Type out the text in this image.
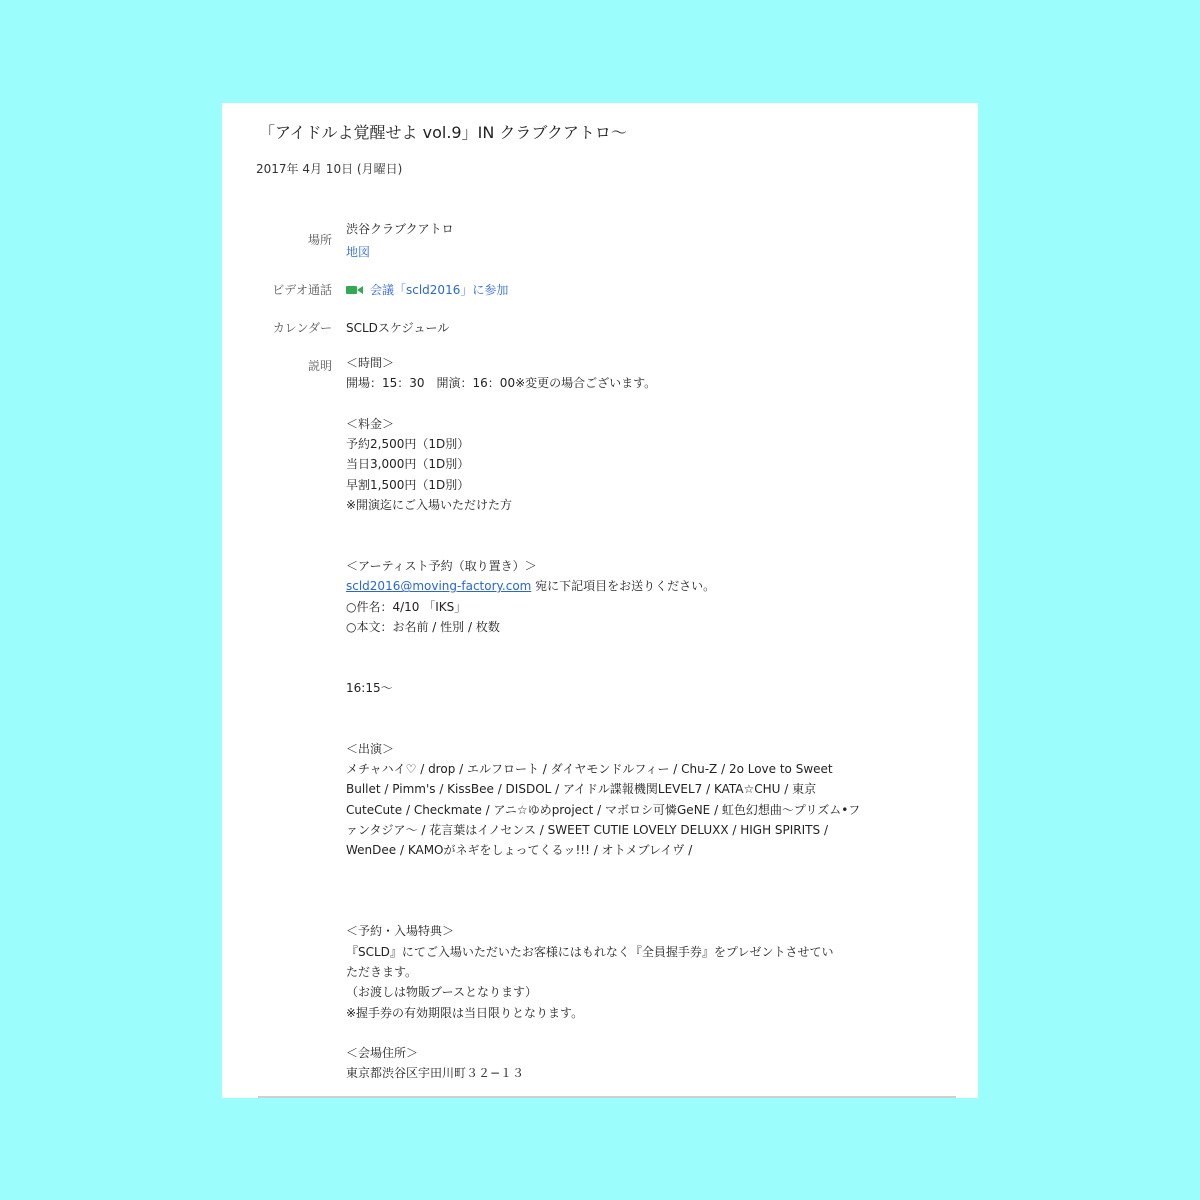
「アイドルよ覚醒せよ vol.9」IN クラブクアトロ〜
2017年 4月 10日 (月曜日)
場所
渋谷クラブクアトロ
地図
ビデオ通話	会議「scld2016」に参加
カレンダー SCLDスケジュール
説明 ＜時間＞
開場：15：30　開演：16：00※変更の場合ございます。
＜料金＞
予約2,500円（1D別）
当日3,000円（1D別）
早割1,500円（1D別）
※開演迄にご入場いただけた方
＜アーティスト予約（取り置き）＞
scld2016@moving-factory.com 宛に下記項目をお送りください。
○件名：4/10 「IKS」
○本文：お名前 / 性別 / 枚数
16:15〜
＜出演＞
メチャハイ♡ / drop / エルフロート / ダイヤモンドルフィー / Chu-Z / 2o Love to Sweet
Bullet / Pimm's / KissBee / DISDOL / アイドル諜報機関LEVEL7 / KATA☆CHU / 東京
CuteCute / Checkmate / アニ☆ゆめproject / マボロシ可憐GeNE / 虹色幻想曲〜プリズム•フ
ァンタジア〜 / 花言葉はイノセンス / SWEET CUTIE LOVELY DELUXX / HIGH SPIRITS /
WenDee / KAMOがネギをしょってくるッ!!! / オトメブレイヴ /
＜予約・入場特典＞
『SCLD』にてご入場いただいたお客様にはもれなく『全員握手券』をプレゼントさせてい
ただきます。
（お渡しは物販ブースとなります）
※握手券の有効期限は当日限りとなります。
＜会場住所＞
東京都渋谷区宇田川町３２−１３
